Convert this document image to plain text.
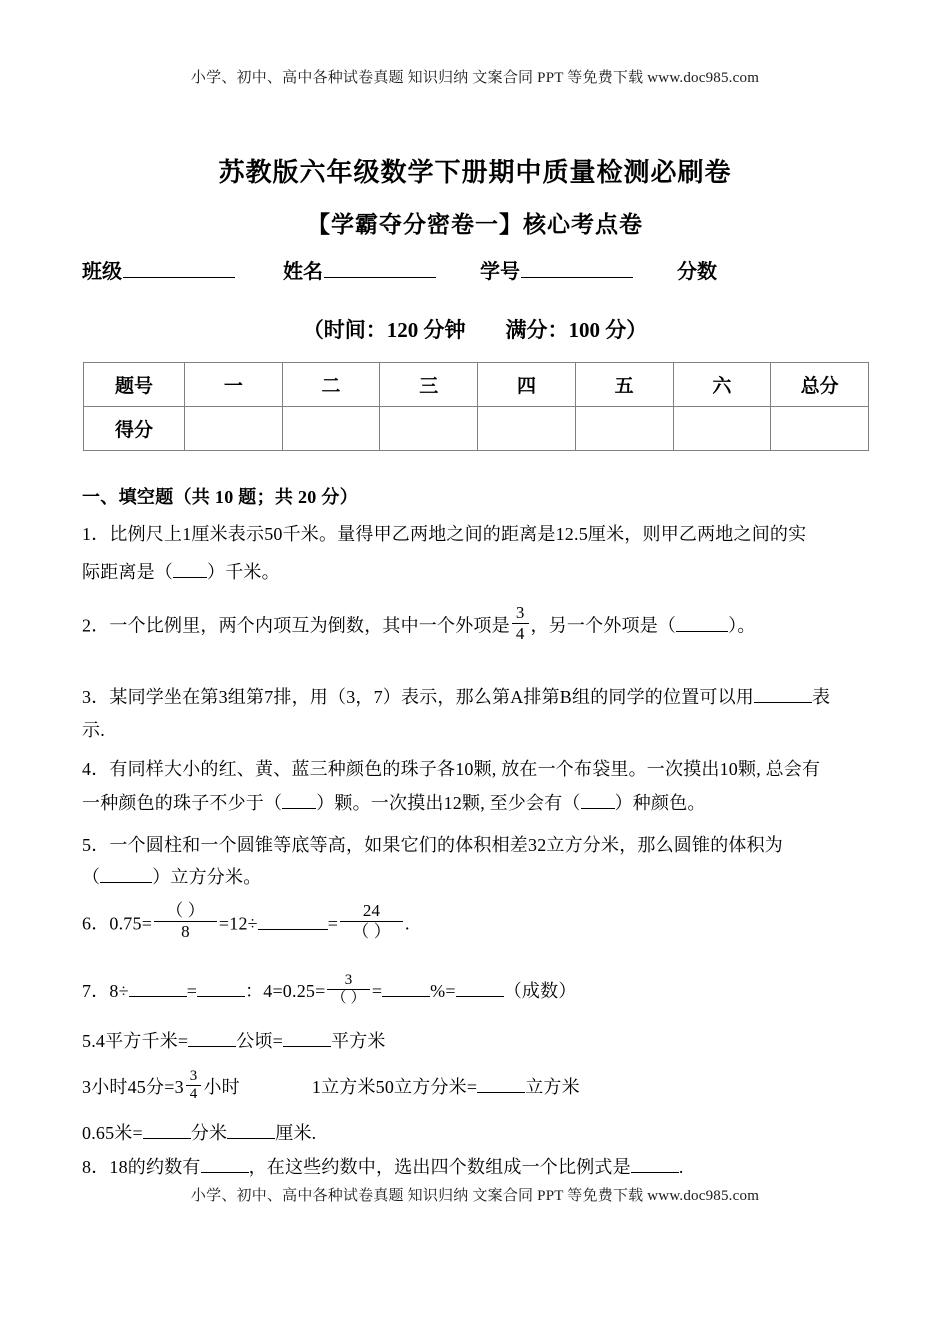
小学、初中、高中各种试卷真题 知识归纳 文案合同 PPT 等免费下载 www.doc985.com
苏教版六年级数学下册期中质量检测必刷卷
【学霸夺分密卷一】核心考点卷
班级	姓名	学号	分数
（时间：120 分钟 满分：100 分）
题号	一	二	三	四	五	六	总分
得分							
一、填空题（共 10 题；共 20 分）
1．比例尺上1厘米表示50千米。量得甲乙两地之间的距离是12.5厘米，则甲乙两地之间的实
际距离是（ ）千米。
2．一个比例里，两个内项互为倒数，其中一个外项是 $\frac{3}{4}$ ，另一个外项是（	）。
3．某同学坐在第3组第7排，用（3，7）表示，那么第A排第B组的同学的位置可以用	表
示.
4．有同样大小的红、黄、蓝三种颜色的珠子各10颗, 放在一个布袋里。一次摸出10颗, 总会有
一种颜色的珠子不少于（ ）颗。一次摸出12颗, 至少会有（ ）种颜色。
5．一个圆柱和一个圆锥等底等高，如果它们的体积相差32立方分米，那么圆锥的体积为
（	）立方分米。
6．$0.75= \frac{( )}{8} =12\div$	= $\frac{24}{( )}$ .
7．8÷	=	：$4=0.25= \frac{3}{( )}$ =	%=	（成数）
5.4平方千米=	公顷=	平方米
3小时45分$=3 \frac{3}{4}$ 小时	1立方米50立方分米=	立方米
0.65米=	分米	厘米.
8．18的约数有	，在这些约数中，选出四个数组成一个比例式是	.
小学、初中、高中各种试卷真题 知识归纳 文案合同 PPT 等免费下载 www.doc985.com
